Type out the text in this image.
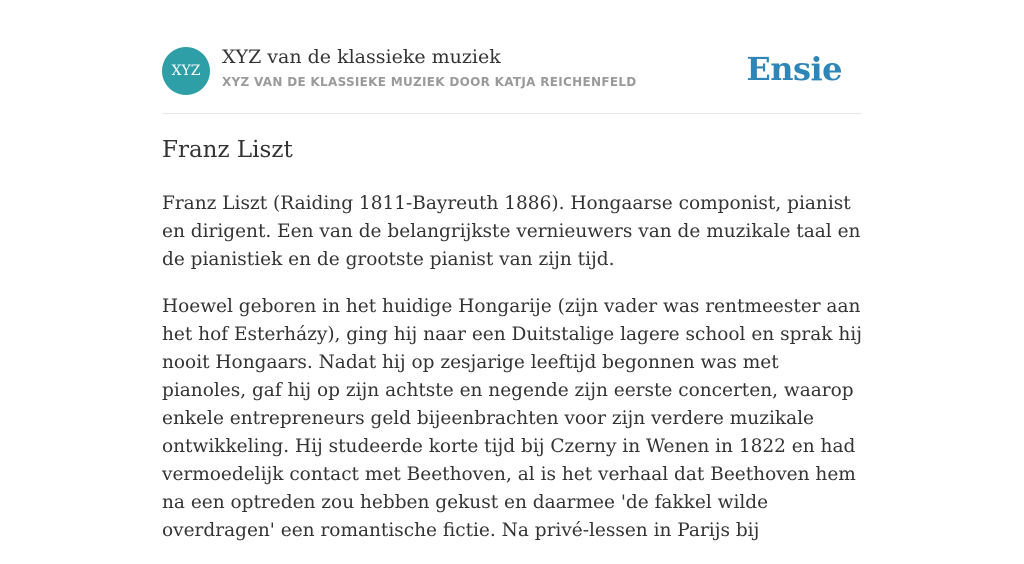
XYZ
XYZ van de klassieke muziek
XYZ VAN DE KLASSIEKE MUZIEK DOOR KATJA REICHENFELD	Ensie
Franz Liszt

Franz Liszt (Raiding 1811-Bayreuth 1886). Hongaarse componist, pianist en dirigent. Een van de belangrijkste vernieuwers van de muzikale taal en de pianistiek en de grootste pianist van zijn tijd.

Hoewel geboren in het huidige Hongarije (zijn vader was rentmeester aan het hof Esterházy), ging hij naar een Duitstalige lagere school en sprak hij nooit Hongaars. Nadat hij op zesjarige leeftijd begonnen was met pianoles, gaf hij op zijn achtste en negende zijn eerste concerten, waarop enkele entrepreneurs geld bijeenbrachten voor zijn verdere muzikale ontwikkeling. Hij studeerde korte tijd bij Czerny in Wenen in 1822 en had vermoedelijk contact met Beethoven, al is het verhaal dat Beethoven hem na een optreden zou hebben gekust en daarmee 'de fakkel wilde overdragen' een romantische fictie. Na privé-lessen in Parijs bij
